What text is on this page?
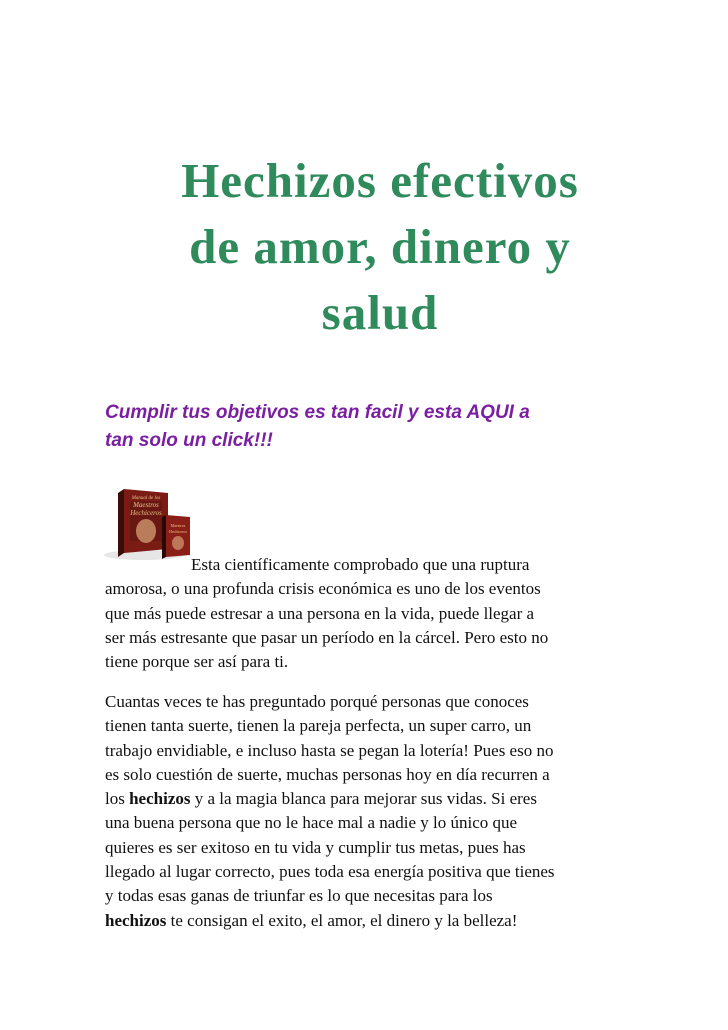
Hechizos efectivos
de amor, dinero y
salud
Cumplir tus objetivos es tan facil y esta AQUI a
tan solo un click!!!
Manual de los
Maestros
Hechiceros
Maestros
Hechiceros
Esta científicamente comprobado que una ruptura
amorosa, o una profunda crisis económica es uno de los eventos
que más puede estresar a una persona en la vida, puede llegar a
ser más estresante que pasar un período en la cárcel. Pero esto no
tiene porque ser así para ti.
Cuantas veces te has preguntado porqué personas que conoces
tienen tanta suerte, tienen la pareja perfecta, un super carro, un
trabajo envidiable, e incluso hasta se pegan la lotería! Pues eso no
es solo cuestión de suerte, muchas personas hoy en día recurren a
los hechizos y a la magia blanca para mejorar sus vidas. Si eres
una buena persona que no le hace mal a nadie y lo único que
quieres es ser exitoso en tu vida y cumplir tus metas, pues has
llegado al lugar correcto, pues toda esa energía positiva que tienes
y todas esas ganas de triunfar es lo que necesitas para los
hechizos te consigan el exito, el amor, el dinero y la belleza!
